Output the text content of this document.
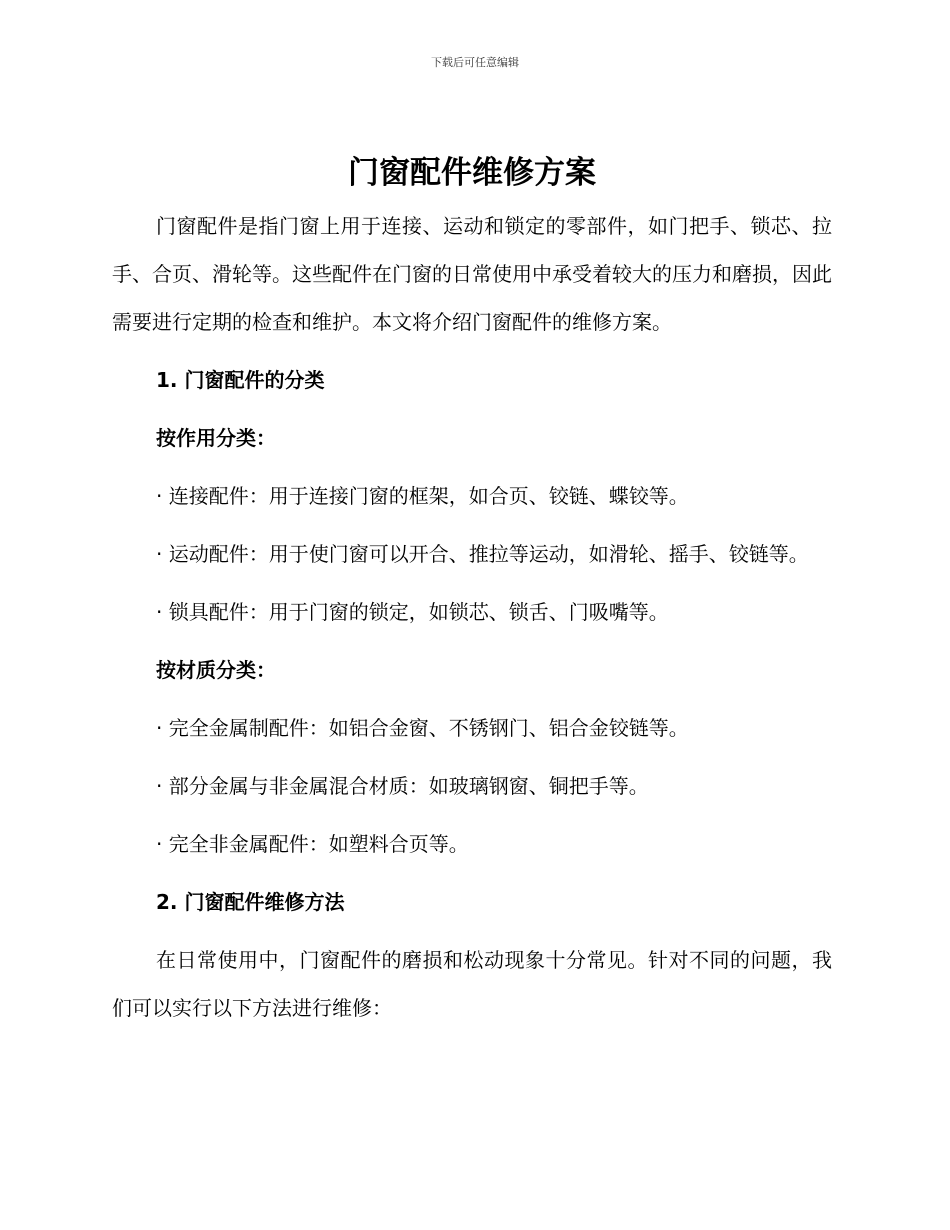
下载后可任意编辑
门窗配件维修方案

门窗配件是指门窗上用于连接、运动和锁定的零部件，如门把手、锁芯、拉手、合页、滑轮等。这些配件在门窗的日常使用中承受着较大的压力和磨损，因此需要进行定期的检查和维护。本文将介绍门窗配件的维修方案。

1. 门窗配件的分类
按作用分类：

· 连接配件：用于连接门窗的框架，如合页、铰链、蝶铰等。

· 运动配件：用于使门窗可以开合、推拉等运动，如滑轮、摇手、铰链等。

· 锁具配件：用于门窗的锁定，如锁芯、锁舌、门吸嘴等。

按材质分类：

· 完全金属制配件：如铝合金窗、不锈钢门、铝合金铰链等。

· 部分金属与非金属混合材质：如玻璃钢窗、铜把手等。

· 完全非金属配件：如塑料合页等。

2. 门窗配件维修方法

在日常使用中，门窗配件的磨损和松动现象十分常见。针对不同的问题，我们可以实行以下方法进行维修：
